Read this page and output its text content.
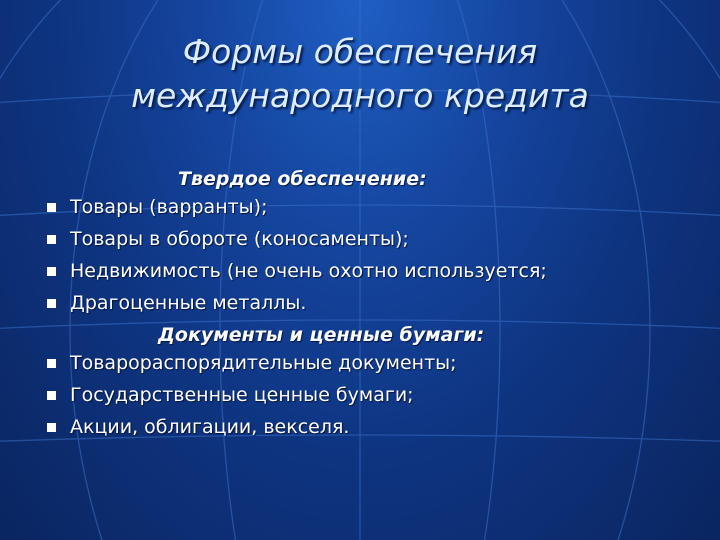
Формы обеспечения
международного кредита
Твердое обеспечение:
Товары (варранты);
Товары в обороте (коносаменты);
Недвижимость (не очень охотно используется;
Драгоценные металлы.
Документы и ценные бумаги:
Товарораспорядительные документы;
Государственные ценные бумаги;
Акции, облигации, векселя.
